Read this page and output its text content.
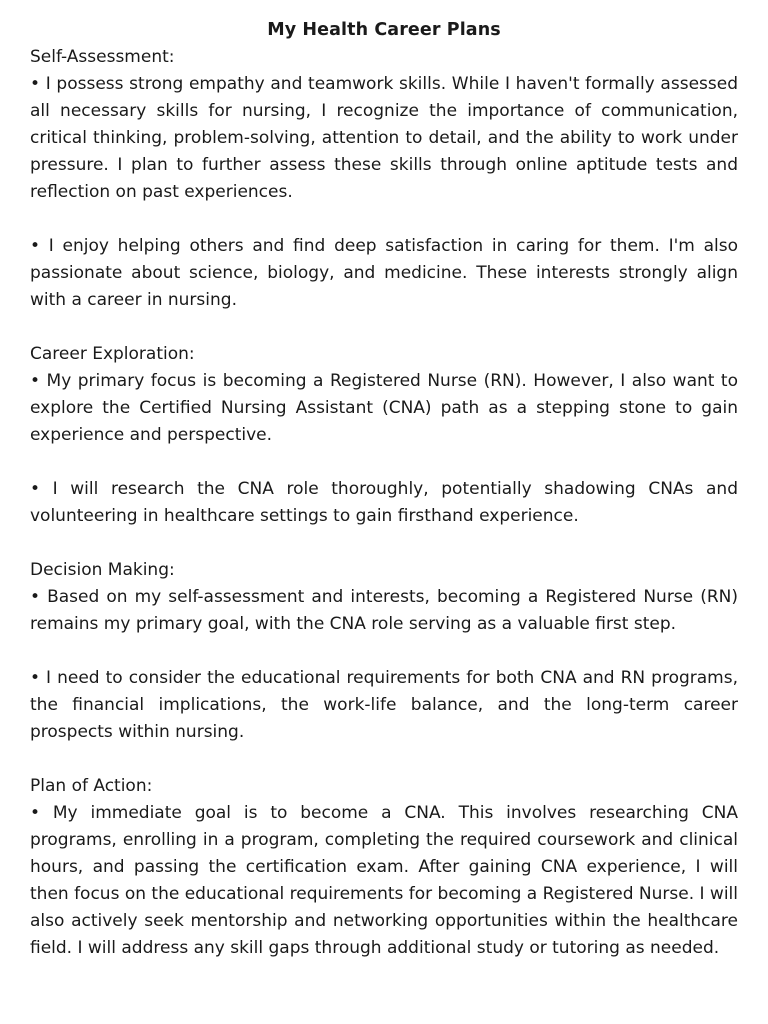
My Health Career Plans

Self-Assessment:

• I possess strong empathy and teamwork skills. While I haven't formally assessed all necessary skills for nursing, I recognize the importance of communication, critical thinking, problem-solving, attention to detail, and the ability to work under pressure. I plan to further assess these skills through online aptitude tests and reflection on past experiences.

• I enjoy helping others and find deep satisfaction in caring for them. I'm also passionate about science, biology, and medicine. These interests strongly align with a career in nursing.

Career Exploration:

• My primary focus is becoming a Registered Nurse (RN). However, I also want to explore the Certified Nursing Assistant (CNA) path as a stepping stone to gain experience and perspective.

• I will research the CNA role thoroughly, potentially shadowing CNAs and volunteering in healthcare settings to gain firsthand experience.

Decision Making:

• Based on my self-assessment and interests, becoming a Registered Nurse (RN) remains my primary goal, with the CNA role serving as a valuable first step.

• I need to consider the educational requirements for both CNA and RN programs, the financial implications, the work-life balance, and the long-term career prospects within nursing.

Plan of Action:

• My immediate goal is to become a CNA. This involves researching CNA programs, enrolling in a program, completing the required coursework and clinical hours, and passing the certification exam. After gaining CNA experience, I will then focus on the educational requirements for becoming a Registered Nurse. I will also actively seek mentorship and networking opportunities within the healthcare field. I will address any skill gaps through additional study or tutoring as needed.
